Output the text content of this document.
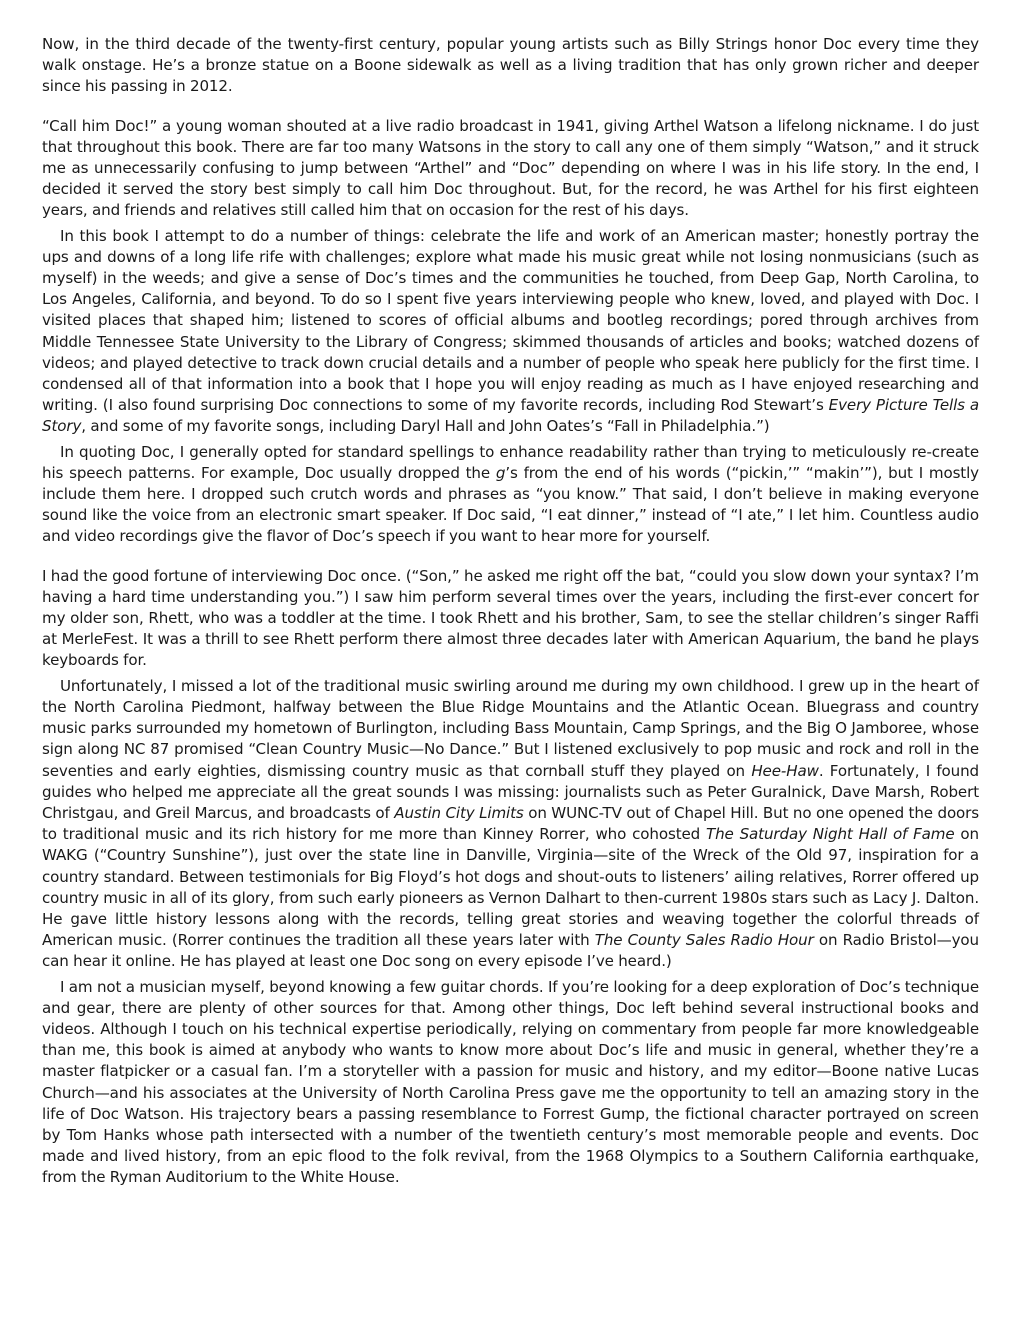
Now, in the third decade of the twenty-first century, popular young artists such as Billy Strings honor Doc every time they walk onstage. He’s a bronze statue on a Boone sidewalk as well as a living tradition that has only grown richer and deeper since his passing in 2012.

“Call him Doc!” a young woman shouted at a live radio broadcast in 1941, giving Arthel Watson a lifelong nickname. I do just that throughout this book. There are far too many Watsons in the story to call any one of them simply “Watson,” and it struck me as unnecessarily confusing to jump between “Arthel” and “Doc” depending on where I was in his life story. In the end, I decided it served the story best simply to call him Doc throughout. But, for the record, he was Arthel for his first eighteen years, and friends and relatives still called him that on occasion for the rest of his days.

In this book I attempt to do a number of things: celebrate the life and work of an American master; honestly portray the ups and downs of a long life rife with challenges; explore what made his music great while not losing nonmusicians (such as myself) in the weeds; and give a sense of Doc’s times and the communities he touched, from Deep Gap, North Carolina, to Los Angeles, California, and beyond. To do so I spent five years interviewing people who knew, loved, and played with Doc. I visited places that shaped him; listened to scores of official albums and bootleg recordings; pored through archives from Middle Tennessee State University to the Library of Congress; skimmed thousands of articles and books; watched dozens of videos; and played detective to track down crucial details and a number of people who speak here publicly for the first time. I condensed all of that information into a book that I hope you will enjoy reading as much as I have enjoyed researching and writing. (I also found surprising Doc connections to some of my favorite records, including Rod Stewart’s Every Picture Tells a Story, and some of my favorite songs, including Daryl Hall and John Oates’s “Fall in Philadelphia.”)

In quoting Doc, I generally opted for standard spellings to enhance readability rather than trying to meticulously re-create his speech patterns. For example, Doc usually dropped the g’s from the end of his words (“pickin,’” “makin’”), but I mostly include them here. I dropped such crutch words and phrases as “you know.” That said, I don’t believe in making everyone sound like the voice from an electronic smart speaker. If Doc said, “I eat dinner,” instead of “I ate,” I let him. Countless audio and video recordings give the flavor of Doc’s speech if you want to hear more for yourself.

I had the good fortune of interviewing Doc once. (“Son,” he asked me right off the bat, “could you slow down your syntax? I’m having a hard time understanding you.”) I saw him perform several times over the years, including the first-ever concert for my older son, Rhett, who was a toddler at the time. I took Rhett and his brother, Sam, to see the stellar children’s singer Raffi at MerleFest. It was a thrill to see Rhett perform there almost three decades later with American Aquarium, the band he plays keyboards for.

Unfortunately, I missed a lot of the traditional music swirling around me during my own childhood. I grew up in the heart of the North Carolina Piedmont, halfway between the Blue Ridge Mountains and the Atlantic Ocean. Bluegrass and country music parks surrounded my hometown of Burlington, including Bass Mountain, Camp Springs, and the Big O Jamboree, whose sign along NC 87 promised “Clean Country Music—No Dance.” But I listened exclusively to pop music and rock and roll in the seventies and early eighties, dismissing country music as that cornball stuff they played on Hee-Haw. Fortunately, I found guides who helped me appreciate all the great sounds I was missing: journalists such as Peter Guralnick, Dave Marsh, Robert Christgau, and Greil Marcus, and broadcasts of Austin City Limits on WUNC-TV out of Chapel Hill. But no one opened the doors to traditional music and its rich history for me more than Kinney Rorrer, who cohosted The Saturday Night Hall of Fame on WAKG (“Country Sunshine”), just over the state line in Danville, Virginia—site of the Wreck of the Old 97, inspiration for a country standard. Between testimonials for Big Floyd’s hot dogs and shout-outs to listeners’ ailing relatives, Rorrer offered up country music in all of its glory, from such early pioneers as Vernon Dalhart to then-current 1980s stars such as Lacy J. Dalton. He gave little history lessons along with the records, telling great stories and weaving together the colorful threads of American music. (Rorrer continues the tradition all these years later with The County Sales Radio Hour on Radio Bristol—you can hear it online. He has played at least one Doc song on every episode I’ve heard.)

I am not a musician myself, beyond knowing a few guitar chords. If you’re looking for a deep exploration of Doc’s technique and gear, there are plenty of other sources for that. Among other things, Doc left behind several instructional books and videos. Although I touch on his technical expertise periodically, relying on commentary from people far more knowledgeable than me, this book is aimed at anybody who wants to know more about Doc’s life and music in general, whether they’re a master flatpicker or a casual fan. I’m a storyteller with a passion for music and history, and my editor—Boone native Lucas Church—and his associates at the University of North Carolina Press gave me the opportunity to tell an amazing story in the life of Doc Watson. His trajectory bears a passing resemblance to Forrest Gump, the fictional character portrayed on screen by Tom Hanks whose path intersected with a number of the twentieth century’s most memorable people and events. Doc made and lived history, from an epic flood to the folk revival, from the 1968 Olympics to a Southern California earthquake, from the Ryman Auditorium to the White House.
